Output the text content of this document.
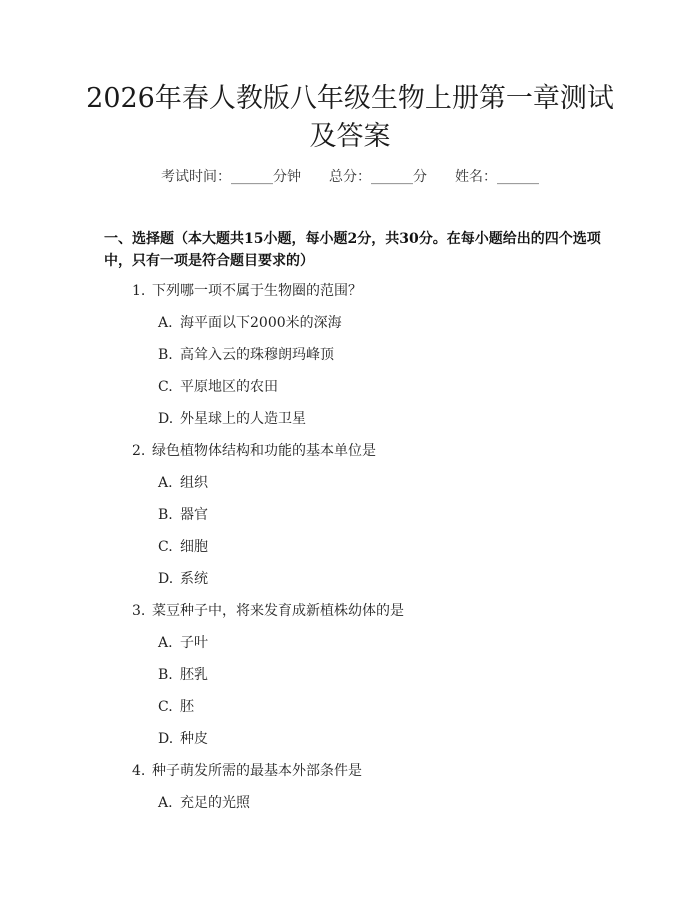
2026年春人教版八年级生物上册第一章测试及答案
考试时间：______分钟 总分：______分 姓名：______
一、选择题（本大题共15小题，每小题2分，共30分。在每小题给出的四个选项中，只有一项是符合题目要求的）
1. 下列哪一项不属于生物圈的范围？
A. 海平面以下2000米的深海
B. 高耸入云的珠穆朗玛峰顶
C. 平原地区的农田
D. 外星球上的人造卫星
2. 绿色植物体结构和功能的基本单位是
A. 组织
B. 器官
C. 细胞
D. 系统
3. 菜豆种子中，将来发育成新植株幼体的是
A. 子叶
B. 胚乳
C. 胚
D. 种皮
4. 种子萌发所需的最基本外部条件是
A. 充足的光照
